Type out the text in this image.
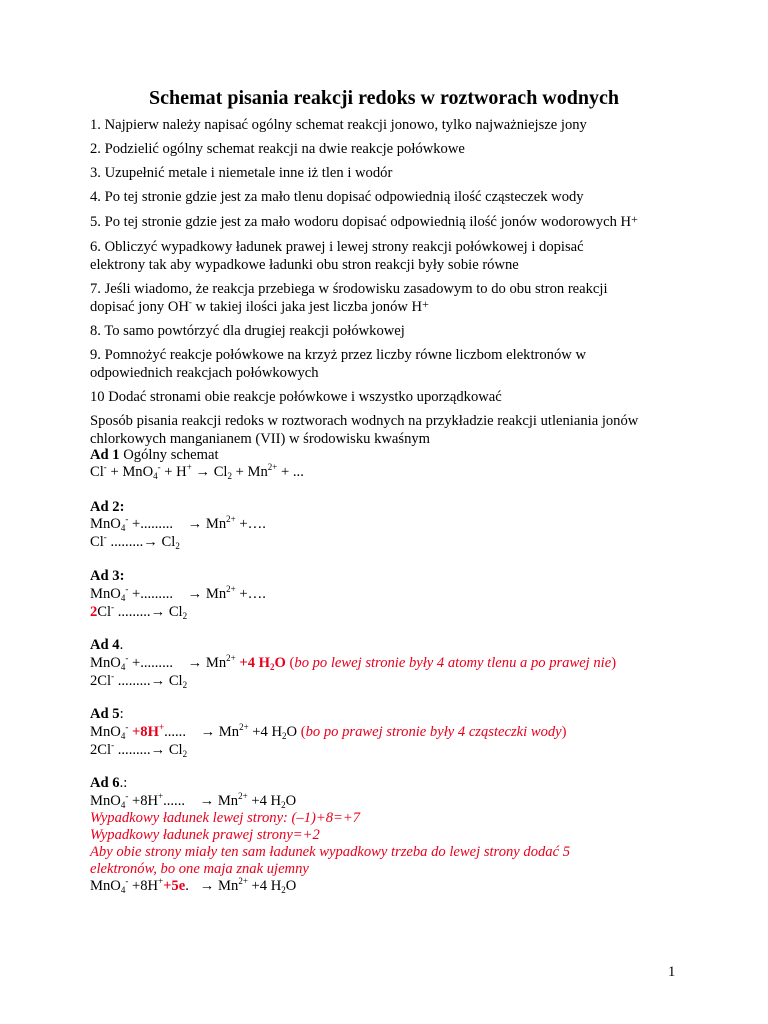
Schemat pisania reakcji redoks w roztworach wodnych
1. Najpierw należy napisać ogólny schemat reakcji jonowo, tylko najważniejsze jony
2. Podzielić ogólny schemat reakcji na dwie reakcje połówkowe
3. Uzupełnić metale i niemetale inne iż tlen i wodór
4. Po tej stronie gdzie jest za mało tlenu dopisać odpowiednią ilość cząsteczek wody
5. Po tej stronie gdzie jest za mało wodoru dopisać odpowiednią ilość jonów wodorowych H+
6. Obliczyć wypadkowy ładunek prawej i lewej strony reakcji połówkowej i dopisać
elektrony tak aby wypadkowe ładunki obu stron reakcji były sobie równe
7. Jeśli wiadomo, że reakcja przebiega w środowisku zasadowym to do obu stron reakcji
dopisać jony OH- w takiej ilości jaka jest liczba jonów H+
8. To samo powtórzyć dla drugiej reakcji połówkowej
9. Pomnożyć reakcje połówkowe na krzyż przez liczby równe liczbom elektronów w
odpowiednich reakcjach połówkowych
10 Dodać stronami obie reakcje połówkowe i wszystko uporządkować
Sposób pisania reakcji redoks w roztworach wodnych na przykładzie reakcji utleniania jonów
chlorkowych manganianem (VII) w środowisku kwaśnym
Ad 1 Ogólny schemat
$Cl^- + MnO_4^- + H^+ \to Cl_2 + Mn^{2+}$ + ...
Ad 2:
MnO$_4$- +.........    → $Mn^{2+}$ +….
Cl- .........→ $Cl_2$
Ad 3:
MnO$_4$- +.........    → $Mn^{2+}$ +….
2Cl- .........→ $Cl_2$
Ad 4.
MnO$_4$- +.........    → $Mn^{2+} +4$ $H_2O$ (bo po lewej stronie były 4 atomy tlenu a po prawej nie)
2Cl- .........→ $Cl_2$
Ad 5:
MnO$_4$- +8H+......    → $Mn^{2+} +4$ $H_2O$ (bo po prawej stronie były 4 cząsteczki wody)
2Cl- .........→ $Cl_2$
Ad 6.:
MnO$_4$- +8H+......    → $Mn^{2+} +4$ $H_2O$
Wypadkowy ładunek lewej strony: (–1)+8=+7
Wypadkowy ładunek prawej strony=+2
Aby obie strony miały ten sam ładunek wypadkowy trzeba do lewej strony dodać 5
elektronów, bo one maja znak ujemny
MnO$_4$- +8H++5e.   → $Mn^{2+} +4$ $H_2O$
1
